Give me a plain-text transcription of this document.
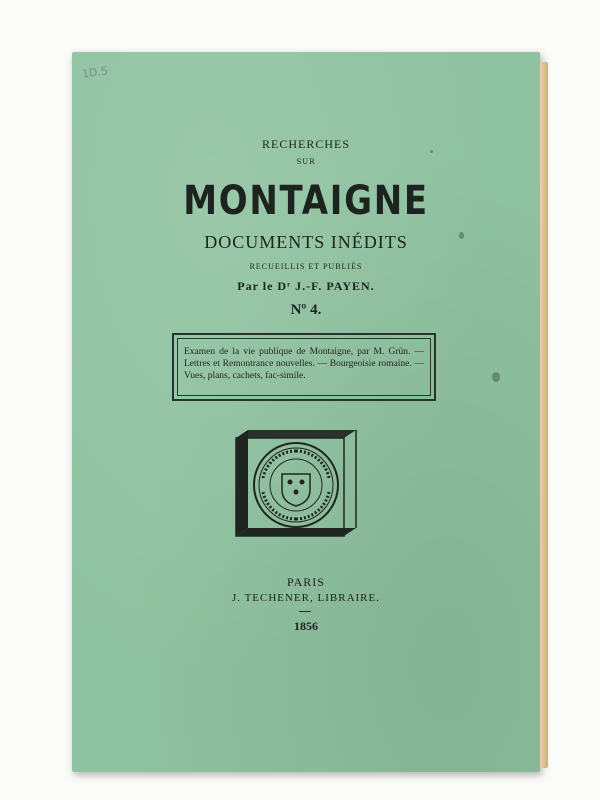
1D.5
RECHERCHES
SUR
MONTAIGNE
DOCUMENTS INÉDITS
RECUEILLIS ET PUBLIÉS
Par le Dʳ J.-F. PAYEN.
Nº 4.
Examen de la vie publique de Montaigne, par M. Grün. — Lettres et Remontrance nouvelles. — Bourgeoisie romaine. — Vues, plans, cachets, fac-simile.
PARIS
J. TECHENER, LIBRAIRE.
1856
